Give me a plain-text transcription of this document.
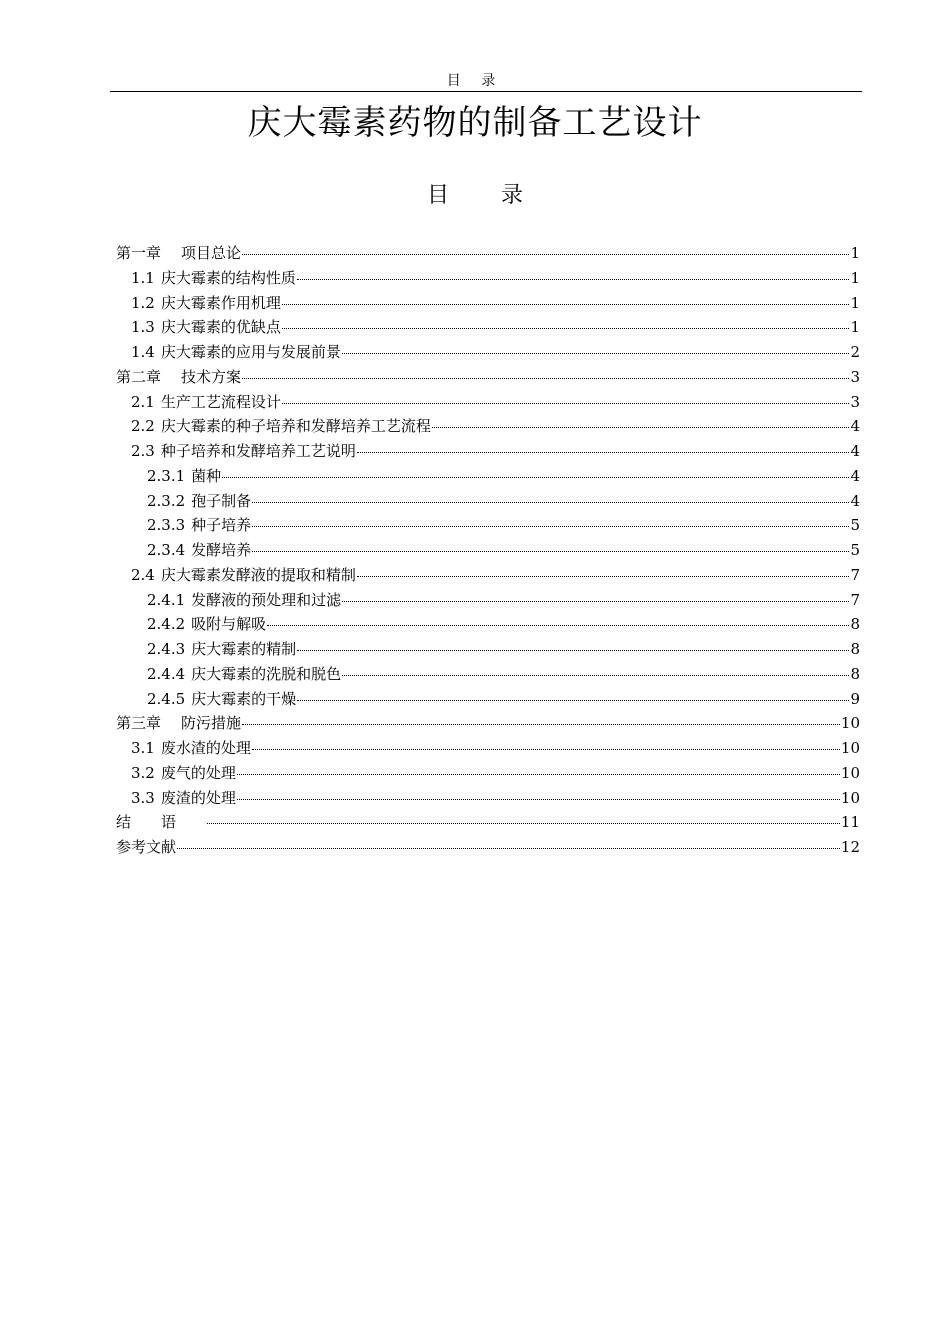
目 录
庆大霉素药物的制备工艺设计
目 录
第一章 项目总论	1
1.1 庆大霉素的结构性质	1
1.2 庆大霉素作用机理	1
1.3 庆大霉素的优缺点	1
1.4 庆大霉素的应用与发展前景	2
第二章 技术方案	3
2.1 生产工艺流程设计	3
2.2 庆大霉素的种子培养和发酵培养工艺流程	4
2.3 种子培养和发酵培养工艺说明	4
2.3.1 菌种	4
2.3.2 孢子制备	4
2.3.3 种子培养	5
2.3.4 发酵培养	5
2.4 庆大霉素发酵液的提取和精制	7
2.4.1 发酵液的预处理和过滤	7
2.4.2 吸附与解吸	8
2.4.3 庆大霉素的精制	8
2.4.4 庆大霉素的洗脱和脱色	8
2.4.5 庆大霉素的干燥	9
第三章 防污措施	10
3.1 废水渣的处理	10
3.2 废气的处理	10
3.3 废渣的处理	10
结语	11
参考文献	12
